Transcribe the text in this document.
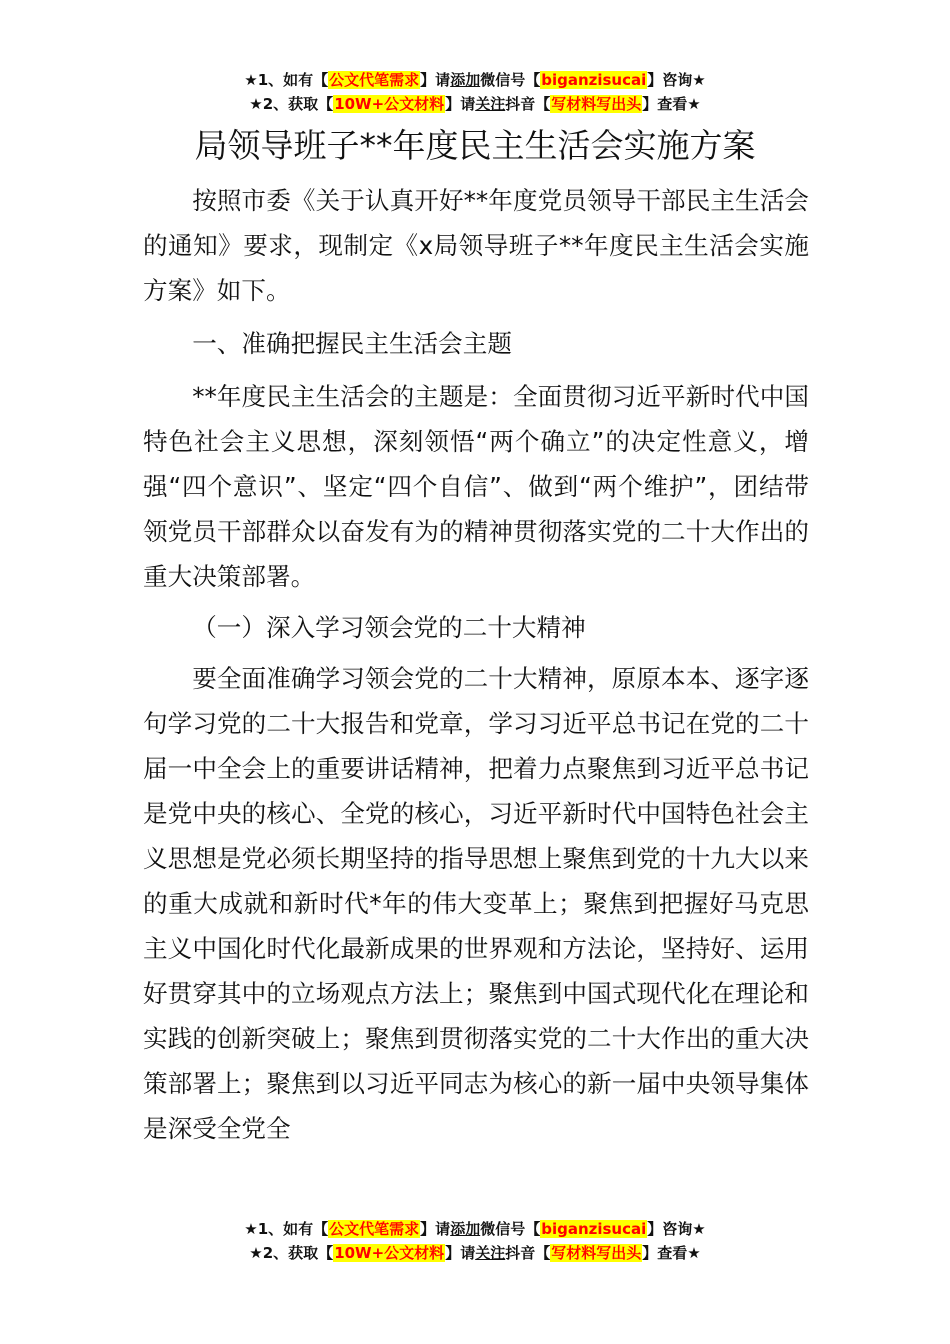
★1、如有【公文代笔需求】请添加微信号【biganzisucai】咨询★
★2、获取【10W+公文材料】请关注抖音【写材料写出头】查看★
局领导班子**年度民主生活会实施方案

按照市委《关于认真开好**年度党员领导干部民主生活会的通知》要求，现制定《x局领导班子**年度民主生活会实施方案》如下。

一、准确把握民主生活会主题

**年度民主生活会的主题是：全面贯彻习近平新时代中国特色社会主义思想，深刻领悟“两个确立”的决定性意义，增强“四个意识”、坚定“四个自信”、做到“两个维护”，团结带领党员干部群众以奋发有为的精神贯彻落实党的二十大作出的重大决策部署。

（一）深入学习领会党的二十大精神

要全面准确学习领会党的二十大精神，原原本本、逐字逐句学习党的二十大报告和党章，学习习近平总书记在党的二十届一中全会上的重要讲话精神，把着力点聚焦到习近平总书记是党中央的核心、全党的核心，习近平新时代中国特色社会主义思想是党必须长期坚持的指导思想上聚焦到党的十九大以来的重大成就和新时代*年的伟大变革上；聚焦到把握好马克思主义中国化时代化最新成果的世界观和方法论，坚持好、运用好贯穿其中的立场观点方法上；聚焦到中国式现代化在理论和实践的创新突破上；聚焦到贯彻落实党的二十大作出的重大决策部署上；聚焦到以习近平同志为核心的新一届中央领导集体是深受全党全

★1、如有【公文代笔需求】请添加微信号【biganzisucai】咨询★
★2、获取【10W+公文材料】请关注抖音【写材料写出头】查看★
